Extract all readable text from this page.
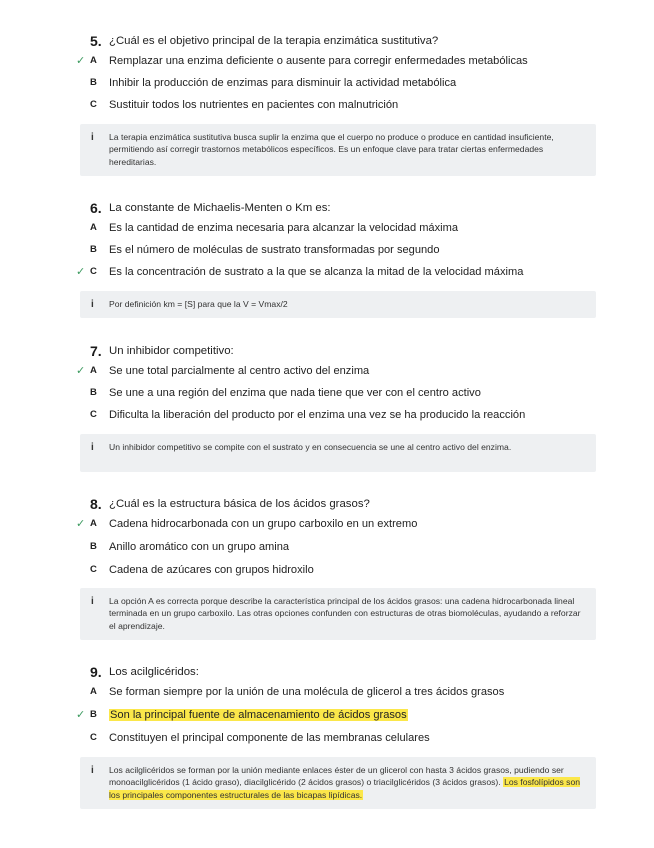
5. ¿Cuál es el objetivo principal de la terapia enzimática sustitutiva?
✓ A Remplazar una enzima deficiente o ausente para corregir enfermedades metabólicas
B Inhibir la producción de enzimas para disminuir la actividad metabólica
C Sustituir todos los nutrientes en pacientes con malnutrición
i La terapia enzimática sustitutiva busca suplir la enzima que el cuerpo no produce o produce en cantidad insuficiente, permitiendo así corregir trastornos metabólicos específicos. Es un enfoque clave para tratar ciertas enfermedades hereditarias.
6. La constante de Michaelis-Menten o Km es:
A Es la cantidad de enzima necesaria para alcanzar la velocidad máxima
B Es el número de moléculas de sustrato transformadas por segundo
✓ C Es la concentración de sustrato a la que se alcanza la mitad de la velocidad máxima
i Por definición km = [S] para que la V = Vmax/2
7. Un inhibidor competitivo:
✓ A Se une total parcialmente al centro activo del enzima
B Se une a una región del enzima que nada tiene que ver con el centro activo
C Dificulta la liberación del producto por el enzima una vez se ha producido la reacción
i Un inhibidor competitivo se compite con el sustrato y en consecuencia se une al centro activo del enzima.
8. ¿Cuál es la estructura básica de los ácidos grasos?
✓ A Cadena hidrocarbonada con un grupo carboxilo en un extremo
B Anillo aromático con un grupo amina
C Cadena de azúcares con grupos hidroxilo
i La opción A es correcta porque describe la característica principal de los ácidos grasos: una cadena hidrocarbonada lineal terminada en un grupo carboxilo. Las otras opciones confunden con estructuras de otras biomoléculas, ayudando a reforzar el aprendizaje.
9. Los acilglicéridos:
A Se forman siempre por la unión de una molécula de glicerol a tres ácidos grasos
✓ B Son la principal fuente de almacenamiento de ácidos grasos
C Constituyen el principal componente de las membranas celulares
i Los acilglicéridos se forman por la unión mediante enlaces éster de un glicerol con hasta 3 ácidos grasos, pudiendo ser monoacilglicéridos (1 ácido graso), diacilglicérido (2 ácidos grasos) o triacilglicéridos (3 ácidos grasos). Los fosfolípidos son los principales componentes estructurales de las bicapas lipídicas.
